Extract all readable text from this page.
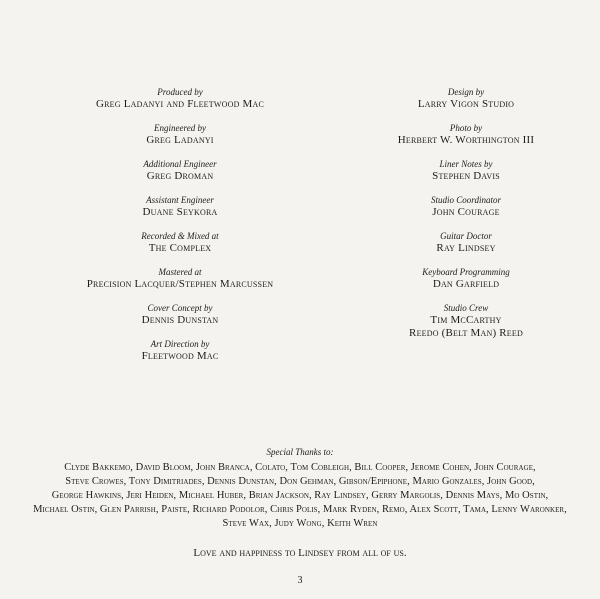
Produced by
Greg Ladanyi and Fleetwood Mac
Engineered by
Greg Ladanyi
Additional Engineer
Greg Droman
Assistant Engineer
Duane Seykora
Recorded & Mixed at
The Complex
Mastered at
Precision Lacquer/Stephen Marcussen
Cover Concept by
Dennis Dunstan
Art Direction by
Fleetwood Mac
Design by
Larry Vigon Studio
Photo by
Herbert W. Worthington III
Liner Notes by
Stephen Davis
Studio Coordinator
John Courage
Guitar Doctor
Ray Lindsey
Keyboard Programming
Dan Garfield
Studio Crew
Tim McCarthy
Reedo (Belt Man) Reed
Special Thanks to:
Clyde Bakkemo, David Bloom, John Branca, Colato, Tom Cobleigh, Bill Cooper, Jerome Cohen, John Courage,
Steve Crowes, Tony Dimitriades, Dennis Dunstan, Don Gehman, Gibson/Epiphone, Mario Gonzales, John Good,
George Hawkins, Jeri Heiden, Michael Huber, Brian Jackson, Ray Lindsey, Gerry Margolis, Dennis Mays, Mo Ostin,
Michael Ostin, Glen Parrish, Paiste, Richard Podolor, Chris Polis, Mark Ryden, Remo, Alex Scott, Tama, Lenny Waronker,
Steve Wax, Judy Wong, Keith Wren
Love and happiness to Lindsey from all of us.
3
